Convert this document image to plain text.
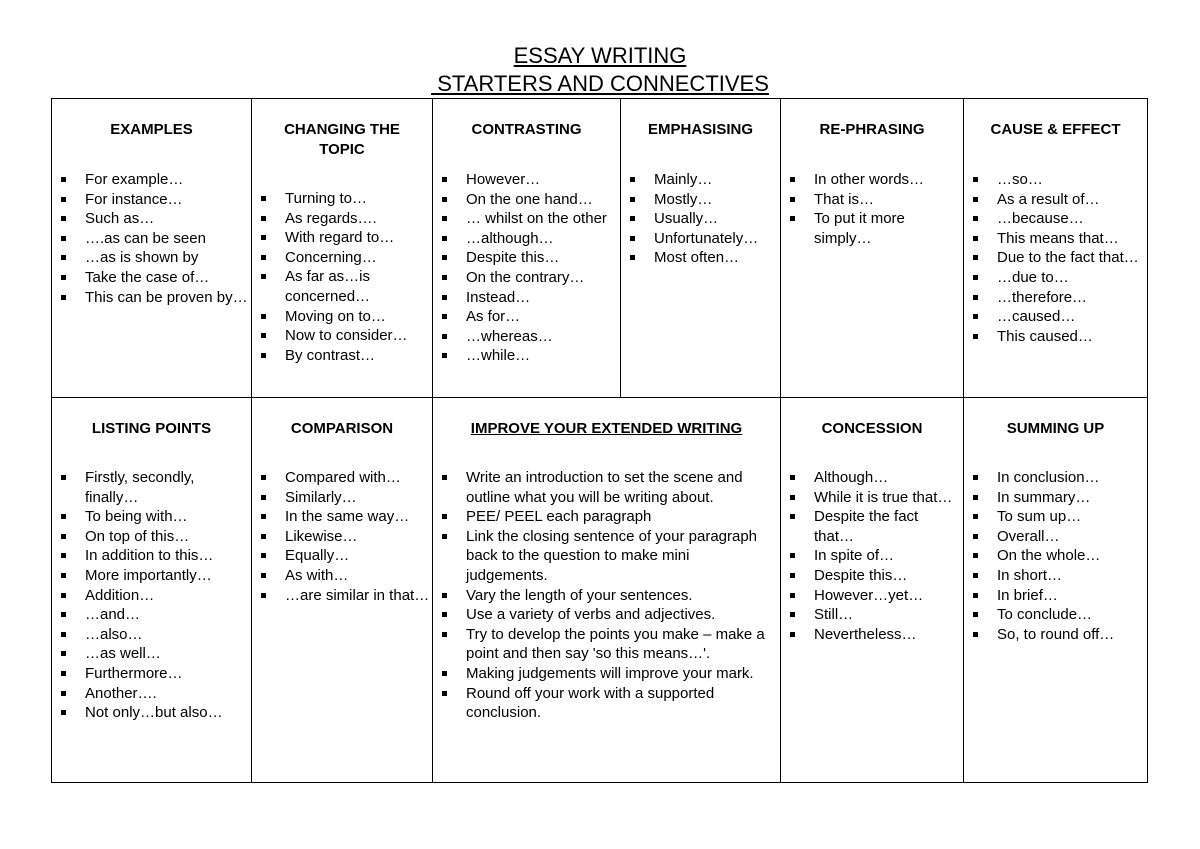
ESSAY WRITING
STARTERS AND CONNECTIVES
EXAMPLES
For example…
For instance…
Such as…
….as can be seen
…as is shown by
Take the case of…
This can be proven by…
CHANGING THE TOPIC
Turning to…
As regards….
With regard to…
Concerning…
As far as…is concerned…
Moving on to…
Now to consider…
By contrast…
CONTRASTING
However…
On the one hand…
… whilst on the other
…although…
Despite this…
On the contrary…
Instead…
As for…
…whereas…
…while…
EMPHASISING
Mainly…
Mostly…
Usually…
Unfortunately…
Most often…
RE-PHRASING
In other words…
That is…
To put it more simply…
CAUSE & EFFECT
…so…
As a result of…
…because…
This means that…
Due to the fact that…
…due to…
…therefore…
…caused…
This caused…
LISTING POINTS
Firstly, secondly, finally…
To being with…
On top of this…
In addition to this…
More importantly…
Addition…
…and…
…also…
…as well…
Furthermore…
Another….
Not only…but also…
COMPARISON
Compared with…
Similarly…
In the same way…
Likewise…
Equally…
As with…
…are similar in that…
IMPROVE YOUR EXTENDED WRITING
Write an introduction to set the scene and outline what you will be writing about.
PEE/ PEEL each paragraph
Link the closing sentence of your paragraph back to the question to make mini judgements.
Vary the length of your sentences.
Use a variety of verbs and adjectives.
Try to develop the points you make – make a point and then say 'so this means…'.
Making judgements will improve your mark.
Round off your work with a supported conclusion.
CONCESSION
Although…
While it is true that…
Despite the fact that…
In spite of…
Despite this…
However…yet…
Still…
Nevertheless…
SUMMING UP
In conclusion…
In summary…
To sum up…
Overall…
On the whole…
In short…
In brief…
To conclude…
So, to round off…
